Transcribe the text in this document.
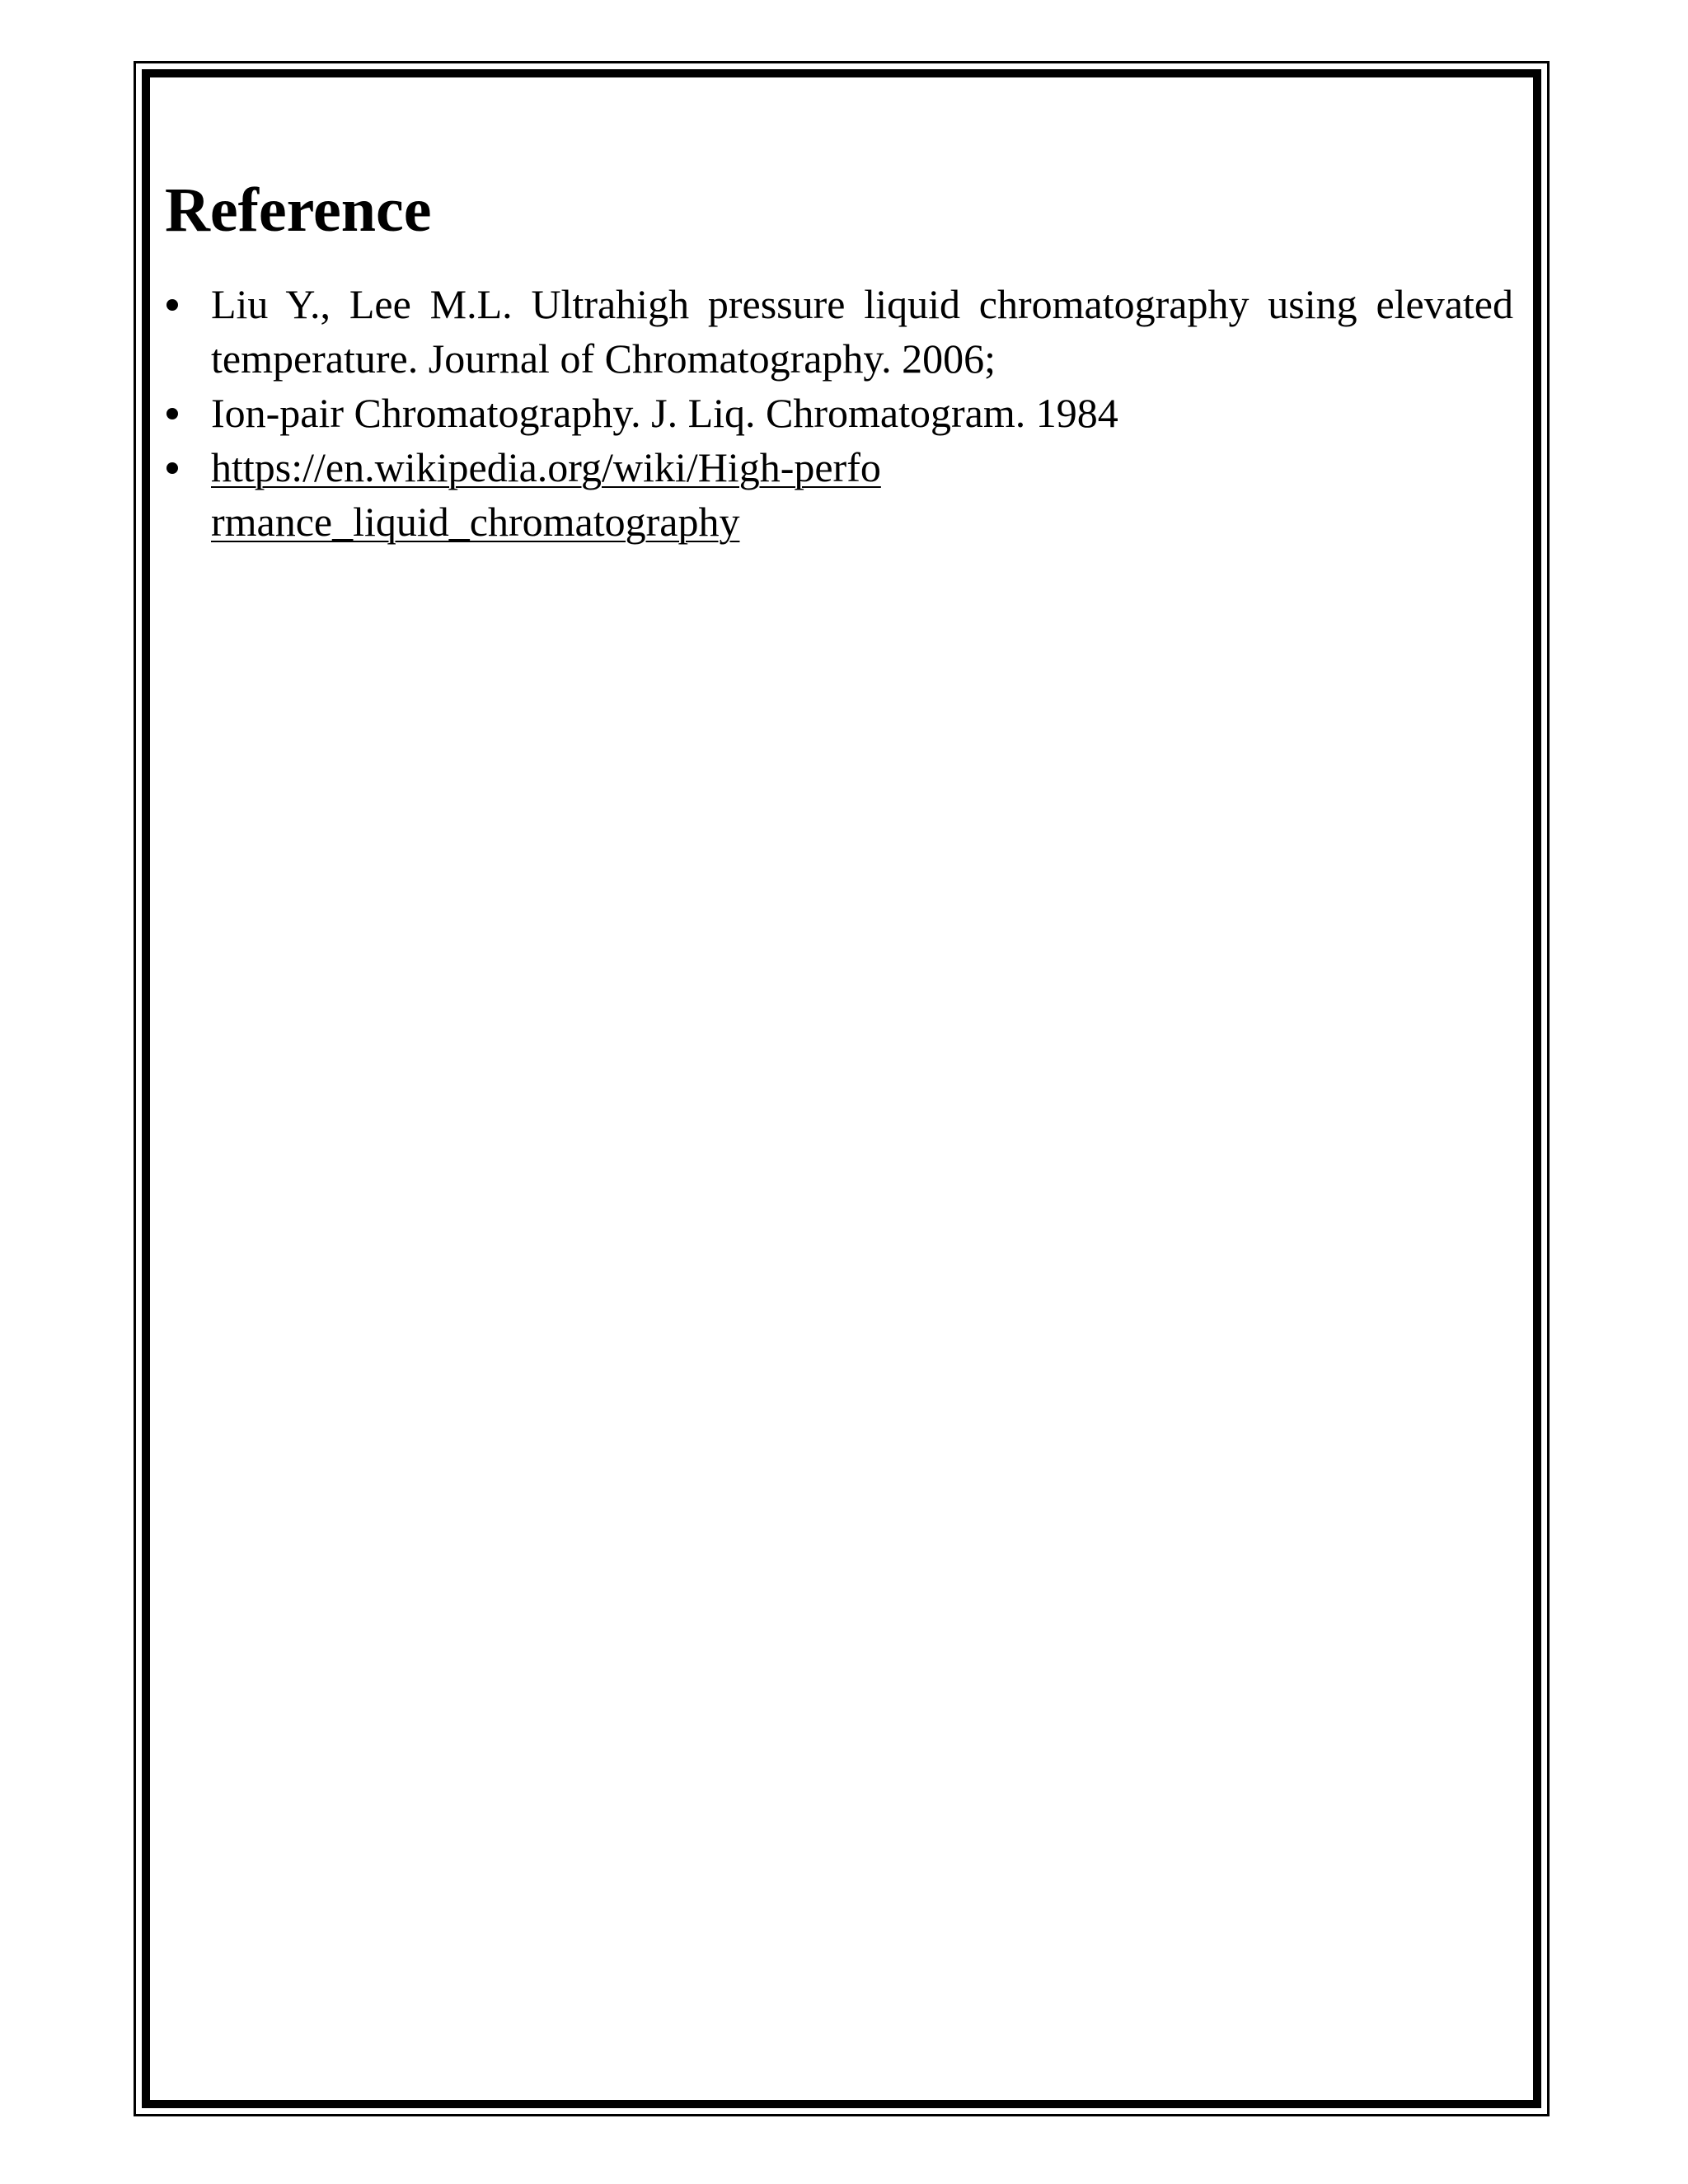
Reference
Liu Y., Lee M.L. Ultrahigh pressure liquid chromatography using elevated temperature. Journal of Chromatography. 2006;
Ion-pair Chromatography. J. Liq. Chromatogram. 1984
https://en.wikipedia.org/wiki/High-performance_liquid_chromatography
